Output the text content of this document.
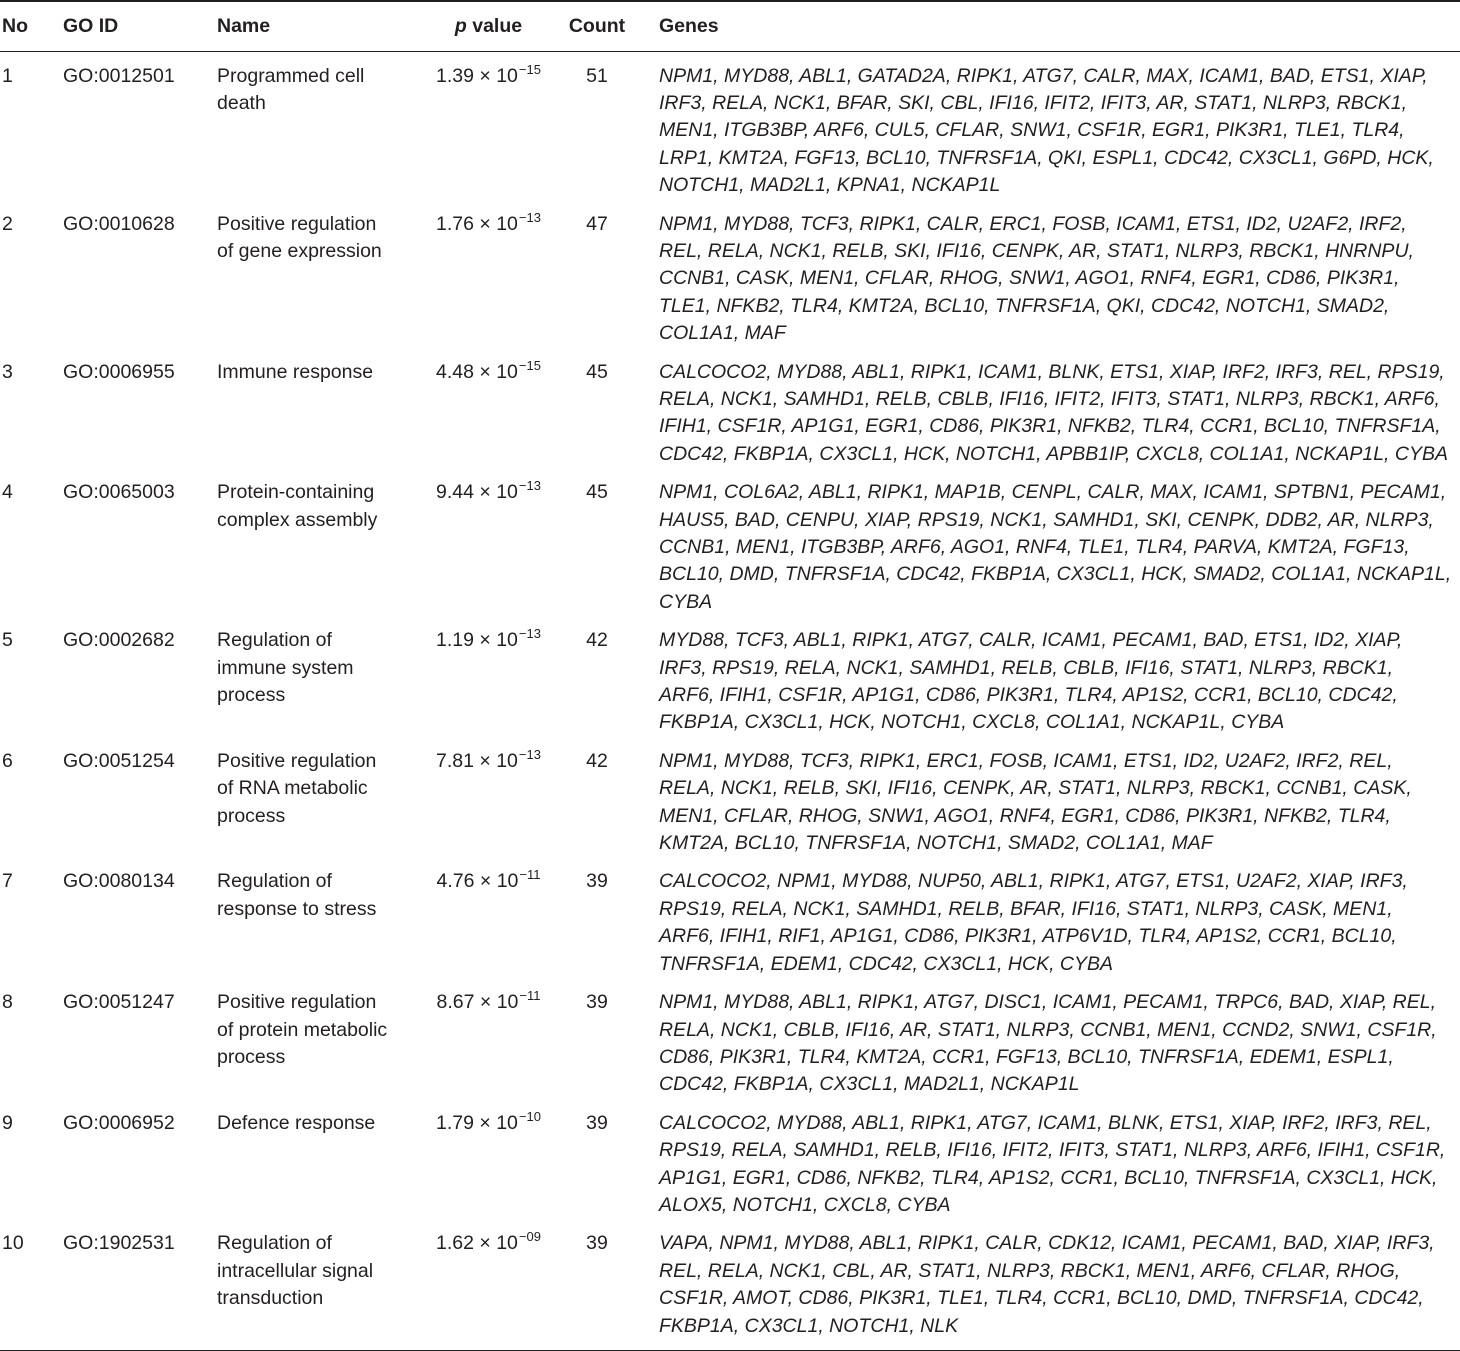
No	GO ID	Name	p value	Count	Genes
1	GO:0012501	Programmed cell death	$1.39 \times 10^{-15}$	51	NPM1, MYD88, ABL1, GATAD2A, RIPK1, ATG7, CALR, MAX, ICAM1, BAD, ETS1, XIAP, IRF3, RELA, NCK1, BFAR, SKI, CBL, IFI16, IFIT2, IFIT3, AR, STAT1, NLRP3, RBCK1, MEN1, ITGB3BP, ARF6, CUL5, CFLAR, SNW1, CSF1R, EGR1, PIK3R1, TLE1, TLR4, LRP1, KMT2A, FGF13, BCL10, TNFRSF1A, QKI, ESPL1, CDC42, CX3CL1, G6PD, HCK, NOTCH1, MAD2L1, KPNA1, NCKAP1L
2	GO:0010628	Positive regulation of gene expression	$1.76 \times 10^{-13}$	47	NPM1, MYD88, TCF3, RIPK1, CALR, ERC1, FOSB, ICAM1, ETS1, ID2, U2AF2, IRF2, REL, RELA, NCK1, RELB, SKI, IFI16, CENPK, AR, STAT1, NLRP3, RBCK1, HNRNPU, CCNB1, CASK, MEN1, CFLAR, RHOG, SNW1, AGO1, RNF4, EGR1, CD86, PIK3R1, TLE1, NFKB2, TLR4, KMT2A, BCL10, TNFRSF1A, QKI, CDC42, NOTCH1, SMAD2, COL1A1, MAF
3	GO:0006955	Immune response	$4.48 \times 10^{-15}$	45	CALCOCO2, MYD88, ABL1, RIPK1, ICAM1, BLNK, ETS1, XIAP, IRF2, IRF3, REL, RPS19, RELA, NCK1, SAMHD1, RELB, CBLB, IFI16, IFIT2, IFIT3, STAT1, NLRP3, RBCK1, ARF6, IFIH1, CSF1R, AP1G1, EGR1, CD86, PIK3R1, NFKB2, TLR4, CCR1, BCL10, TNFRSF1A, CDC42, FKBP1A, CX3CL1, HCK, NOTCH1, APBB1IP, CXCL8, COL1A1, NCKAP1L, CYBA
4	GO:0065003	Protein-containing complex assembly	$9.44 \times 10^{-13}$	45	NPM1, COL6A2, ABL1, RIPK1, MAP1B, CENPL, CALR, MAX, ICAM1, SPTBN1, PECAM1, HAUS5, BAD, CENPU, XIAP, RPS19, NCK1, SAMHD1, SKI, CENPK, DDB2, AR, NLRP3, CCNB1, MEN1, ITGB3BP, ARF6, AGO1, RNF4, TLE1, TLR4, PARVA, KMT2A, FGF13, BCL10, DMD, TNFRSF1A, CDC42, FKBP1A, CX3CL1, HCK, SMAD2, COL1A1, NCKAP1L, CYBA
5	GO:0002682	Regulation of immune system process	$1.19 \times 10^{-13}$	42	MYD88, TCF3, ABL1, RIPK1, ATG7, CALR, ICAM1, PECAM1, BAD, ETS1, ID2, XIAP, IRF3, RPS19, RELA, NCK1, SAMHD1, RELB, CBLB, IFI16, STAT1, NLRP3, RBCK1, ARF6, IFIH1, CSF1R, AP1G1, CD86, PIK3R1, TLR4, AP1S2, CCR1, BCL10, CDC42, FKBP1A, CX3CL1, HCK, NOTCH1, CXCL8, COL1A1, NCKAP1L, CYBA
6	GO:0051254	Positive regulation of RNA metabolic process	$7.81 \times 10^{-13}$	42	NPM1, MYD88, TCF3, RIPK1, ERC1, FOSB, ICAM1, ETS1, ID2, U2AF2, IRF2, REL, RELA, NCK1, RELB, SKI, IFI16, CENPK, AR, STAT1, NLRP3, RBCK1, CCNB1, CASK, MEN1, CFLAR, RHOG, SNW1, AGO1, RNF4, EGR1, CD86, PIK3R1, NFKB2, TLR4, KMT2A, BCL10, TNFRSF1A, NOTCH1, SMAD2, COL1A1, MAF
7	GO:0080134	Regulation of response to stress	$4.76 \times 10^{-11}$	39	CALCOCO2, NPM1, MYD88, NUP50, ABL1, RIPK1, ATG7, ETS1, U2AF2, XIAP, IRF3, RPS19, RELA, NCK1, SAMHD1, RELB, BFAR, IFI16, STAT1, NLRP3, CASK, MEN1, ARF6, IFIH1, RIF1, AP1G1, CD86, PIK3R1, ATP6V1D, TLR4, AP1S2, CCR1, BCL10, TNFRSF1A, EDEM1, CDC42, CX3CL1, HCK, CYBA
8	GO:0051247	Positive regulation of protein metabolic process	$8.67 \times 10^{-11}$	39	NPM1, MYD88, ABL1, RIPK1, ATG7, DISC1, ICAM1, PECAM1, TRPC6, BAD, XIAP, REL, RELA, NCK1, CBLB, IFI16, AR, STAT1, NLRP3, CCNB1, MEN1, CCND2, SNW1, CSF1R, CD86, PIK3R1, TLR4, KMT2A, CCR1, FGF13, BCL10, TNFRSF1A, EDEM1, ESPL1, CDC42, FKBP1A, CX3CL1, MAD2L1, NCKAP1L
9	GO:0006952	Defence response	$1.79 \times 10^{-10}$	39	CALCOCO2, MYD88, ABL1, RIPK1, ATG7, ICAM1, BLNK, ETS1, XIAP, IRF2, IRF3, REL, RPS19, RELA, SAMHD1, RELB, IFI16, IFIT2, IFIT3, STAT1, NLRP3, ARF6, IFIH1, CSF1R, AP1G1, EGR1, CD86, NFKB2, TLR4, AP1S2, CCR1, BCL10, TNFRSF1A, CX3CL1, HCK, ALOX5, NOTCH1, CXCL8, CYBA
10	GO:1902531	Regulation of intracellular signal transduction	$1.62 \times 10^{-09}$	39	VAPA, NPM1, MYD88, ABL1, RIPK1, CALR, CDK12, ICAM1, PECAM1, BAD, XIAP, IRF3, REL, RELA, NCK1, CBL, AR, STAT1, NLRP3, RBCK1, MEN1, ARF6, CFLAR, RHOG, CSF1R, AMOT, CD86, PIK3R1, TLE1, TLR4, CCR1, BCL10, DMD, TNFRSF1A, CDC42, FKBP1A, CX3CL1, NOTCH1, NLK
